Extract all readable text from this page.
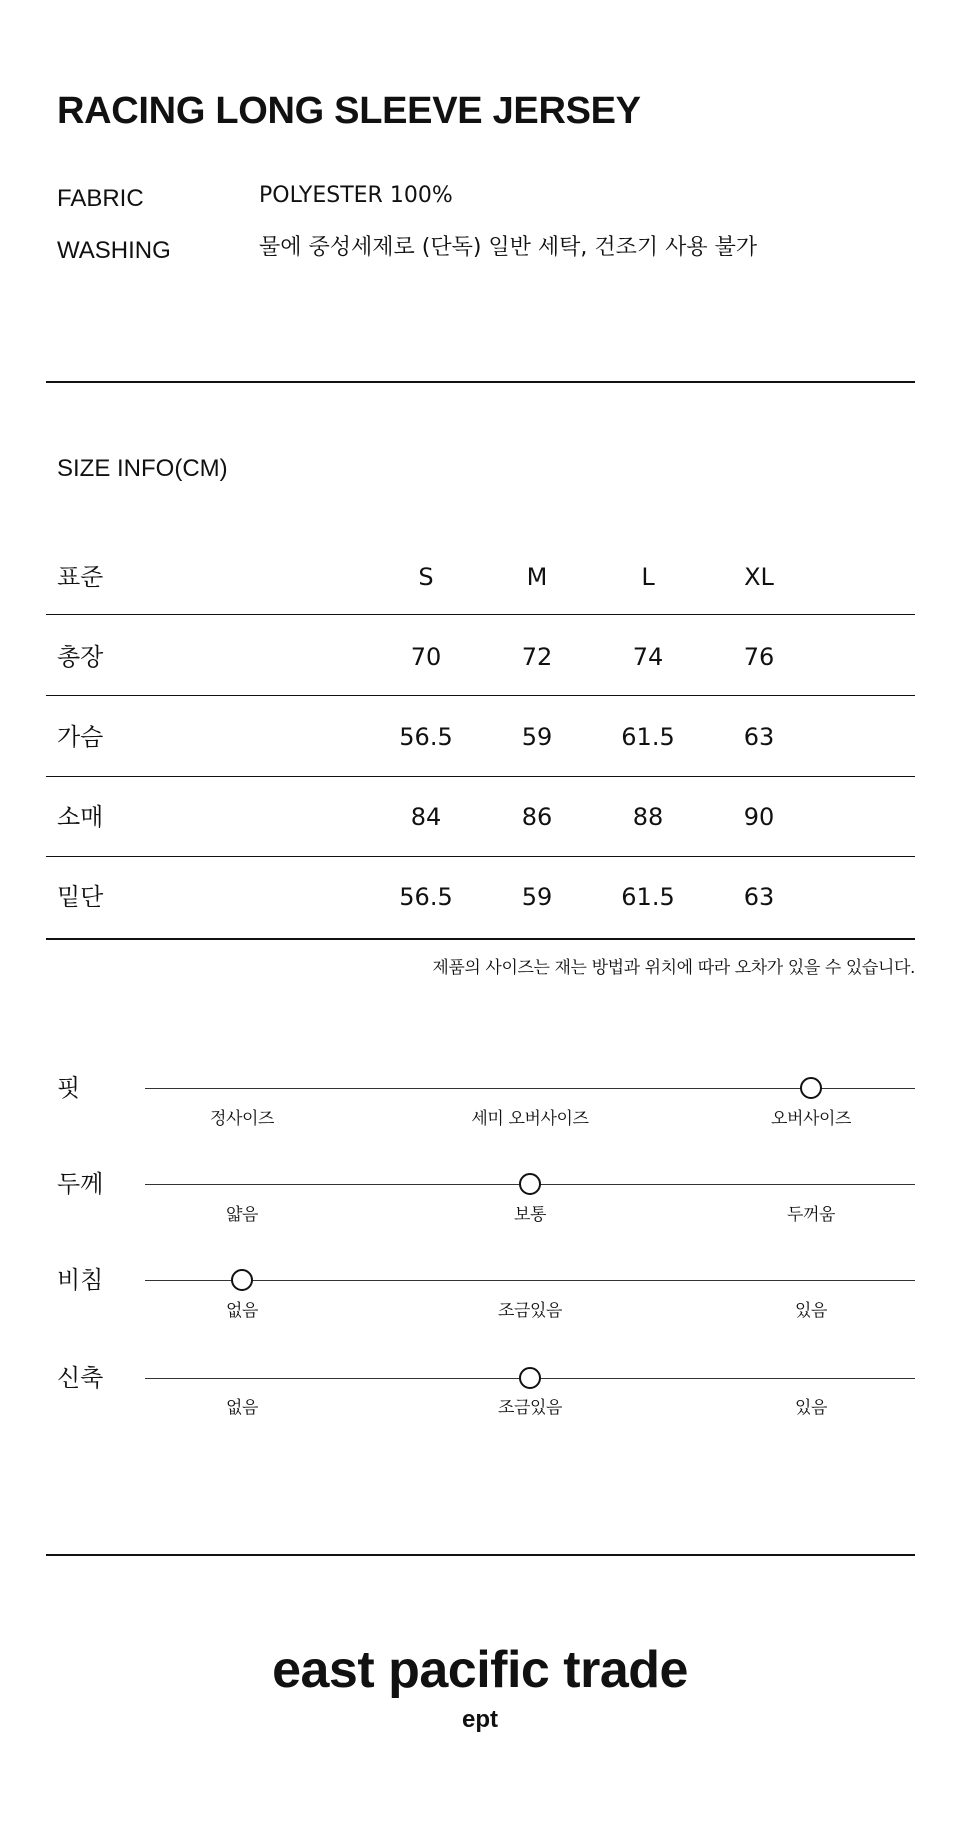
RACING LONG SLEEVE JERSEY
FABRIC	POLYESTER 100%
WASHING	물에 중성세제로 (단독) 일반 세탁, 건조기 사용 불가
SIZE INFO(CM)
표준	S	M	L	XL
총장	70	72	74	76
가슴	56.5	59	61.5	63
소매	84	86	88	90
밑단	56.5	59	61.5	63
제품의 사이즈는 재는 방법과 위치에 따라 오차가 있을 수 있습니다.
핏
정사이즈	세미 오버사이즈	오버사이즈
두께
얇음	보통	두꺼움
비침
없음	조금있음	있음
신축
없음	조금있음	있음
east pacific trade
ept
